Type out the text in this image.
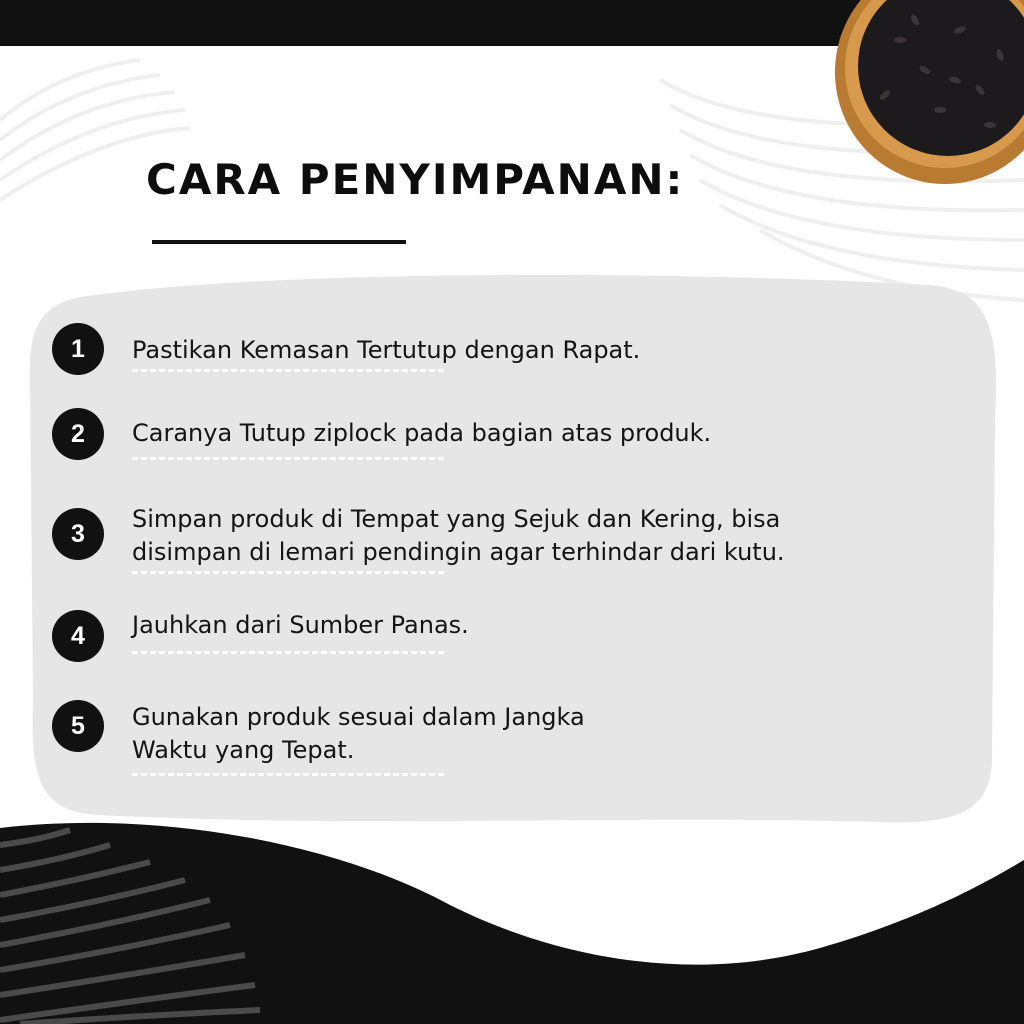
CARA PENYIMPANAN:
1	Pastikan Kemasan Tertutup dengan Rapat.
2	Caranya Tutup ziplock pada bagian atas produk.
3
Simpan produk di Tempat yang Sejuk dan Kering, bisa
disimpan di lemari pendingin agar terhindar dari kutu.
4	Jauhkan dari Sumber Panas.
5	Gunakan produk sesuai dalam Jangka
Waktu yang Tepat.
